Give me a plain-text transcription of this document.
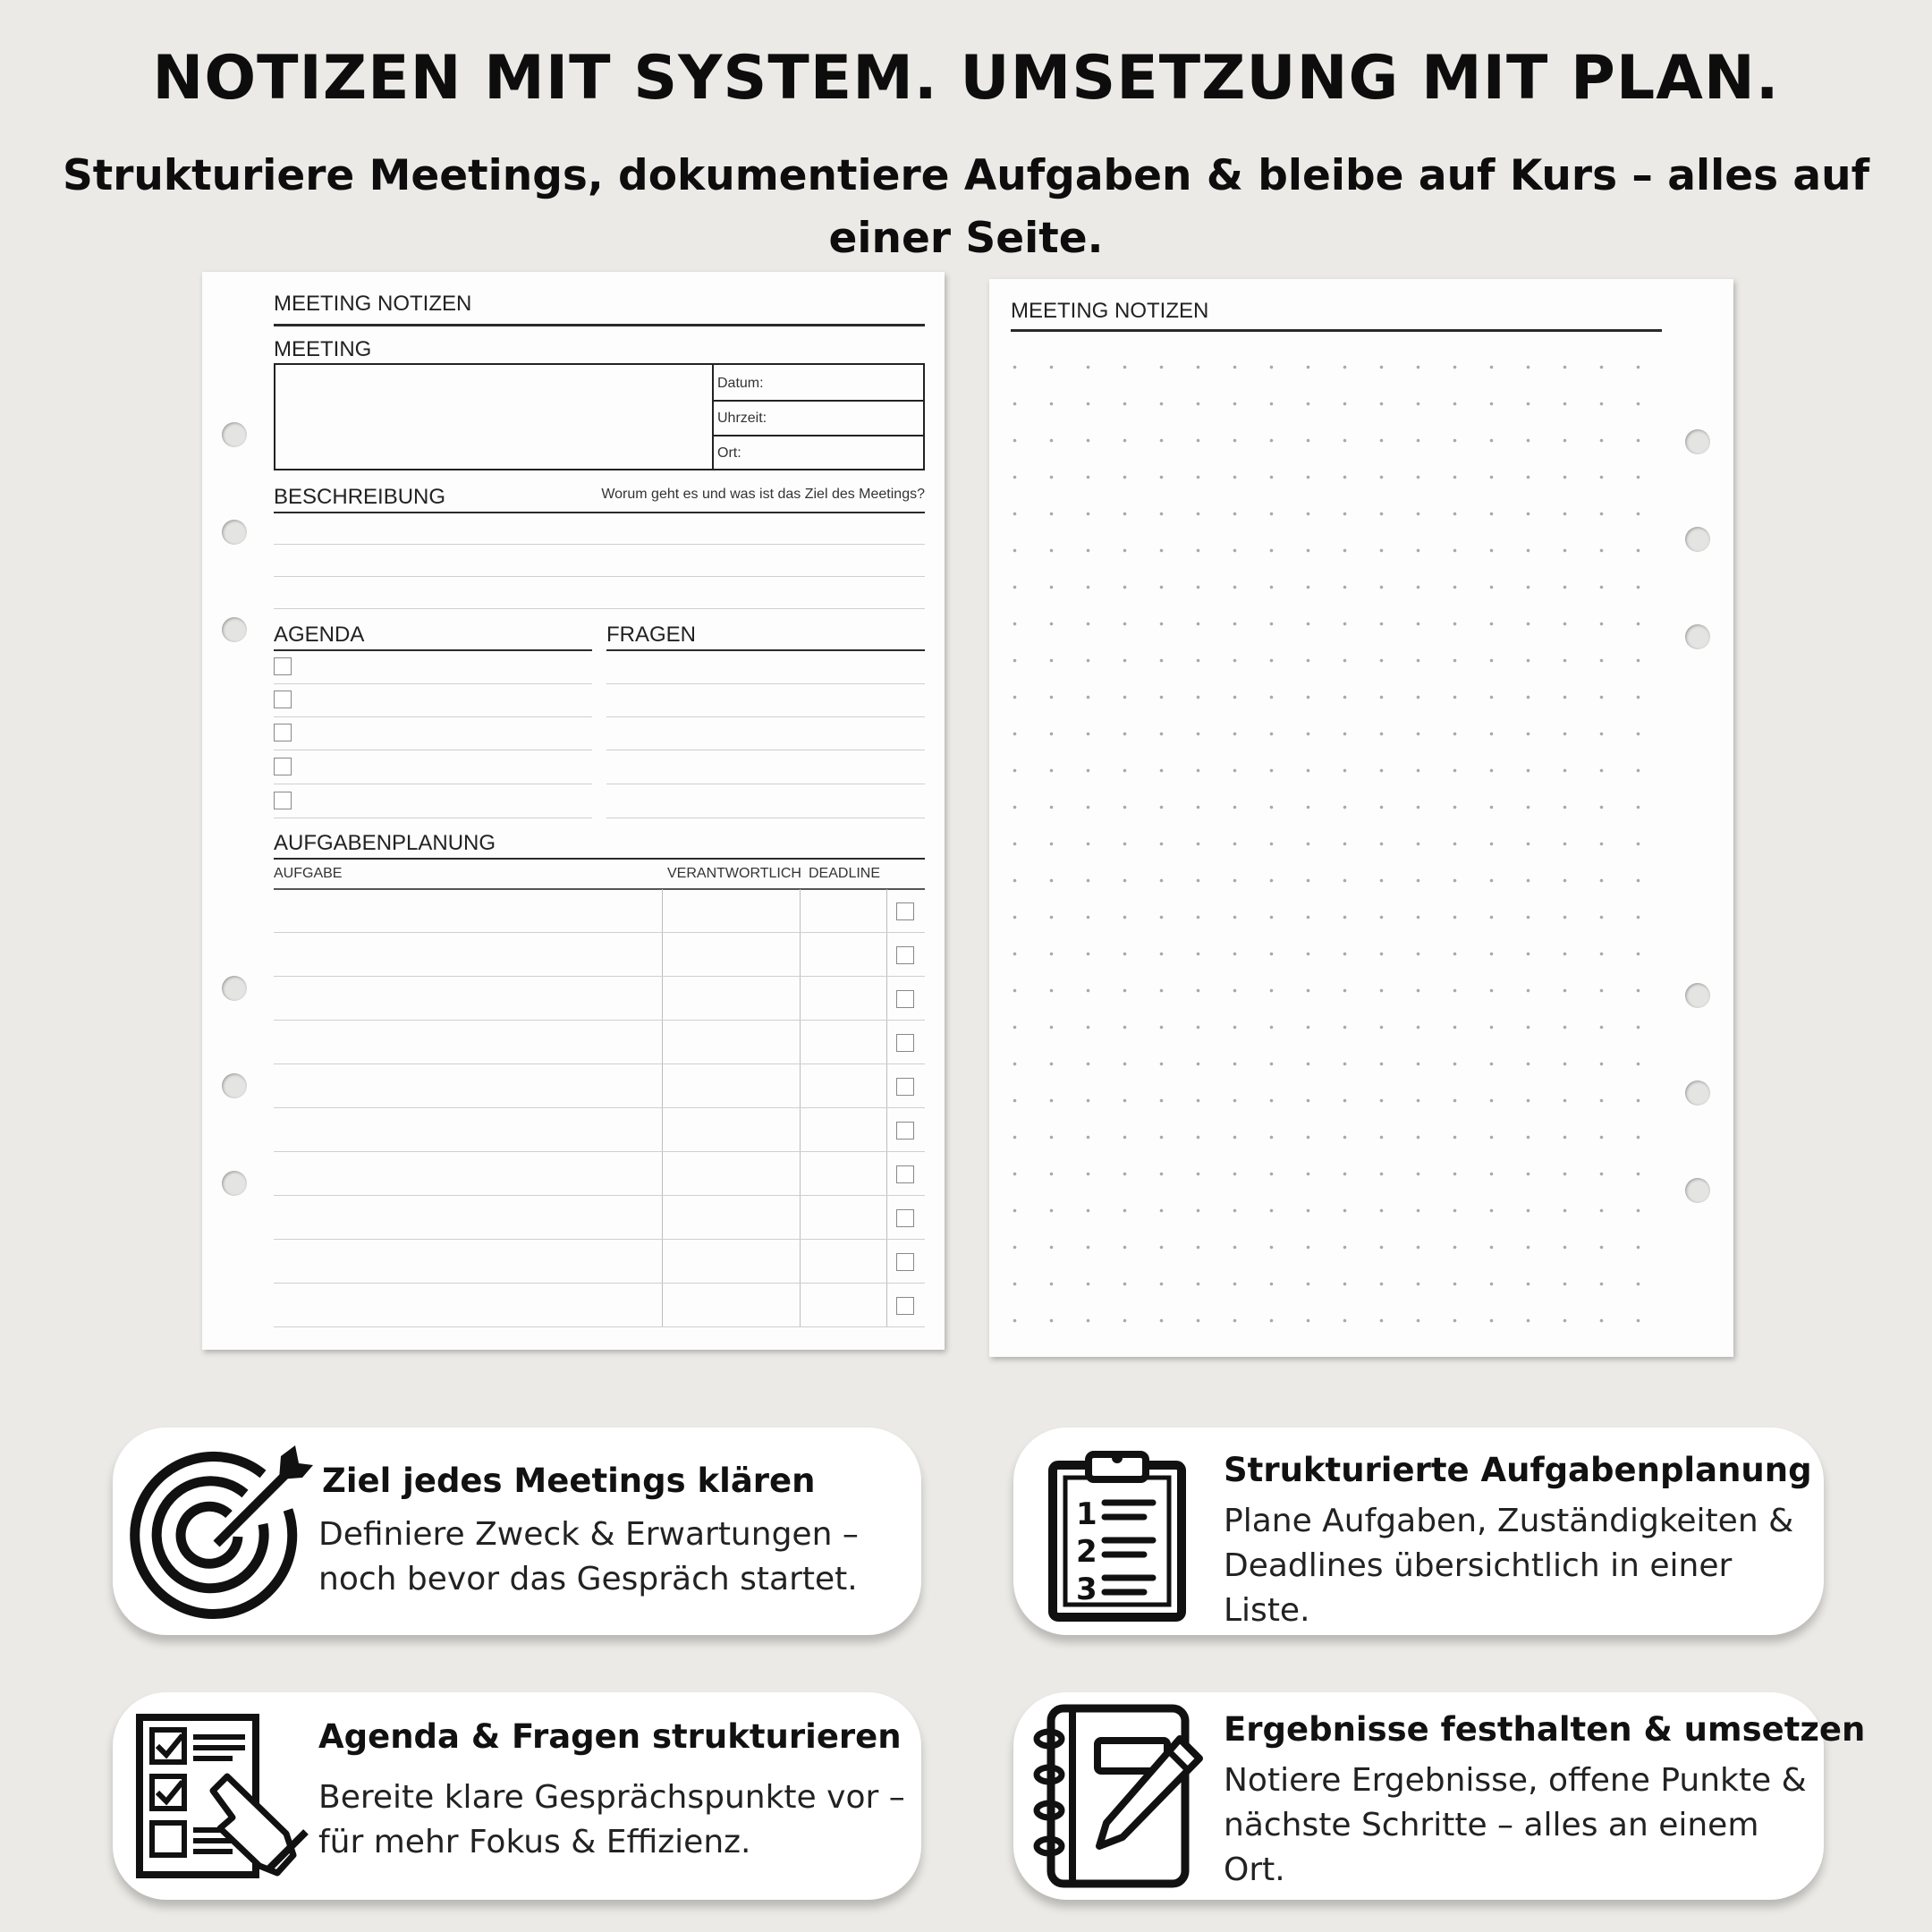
NOTIZEN MIT SYSTEM. UMSETZUNG MIT PLAN.
Strukturiere Meetings, dokumentiere Aufgaben & bleibe auf Kurs – alles auf einer Seite.
MEETING NOTIZEN
MEETING
Datum:
Uhrzeit:
Ort:
BESCHREIBUNG	Worum geht es und was ist das Ziel des Meetings?
AGENDA	FRAGEN
AUFGABENPLANUNG
AUFGABE	VERANTWORTLICH DEADLINE
MEETING NOTIZEN
Ziel jedes Meetings klären
Definiere Zweck & Erwartungen – noch bevor das Gespräch startet.
1
2
3
Strukturierte Aufgabenplanung
Plane Aufgaben, Zuständigkeiten & Deadlines übersichtlich in einer Liste.
Agenda & Fragen strukturieren
Bereite klare Gesprächspunkte vor – für mehr Fokus & Effizienz.
Ergebnisse festhalten & umsetzen
Notiere Ergebnisse, offene Punkte & nächste Schritte – alles an einem Ort.
